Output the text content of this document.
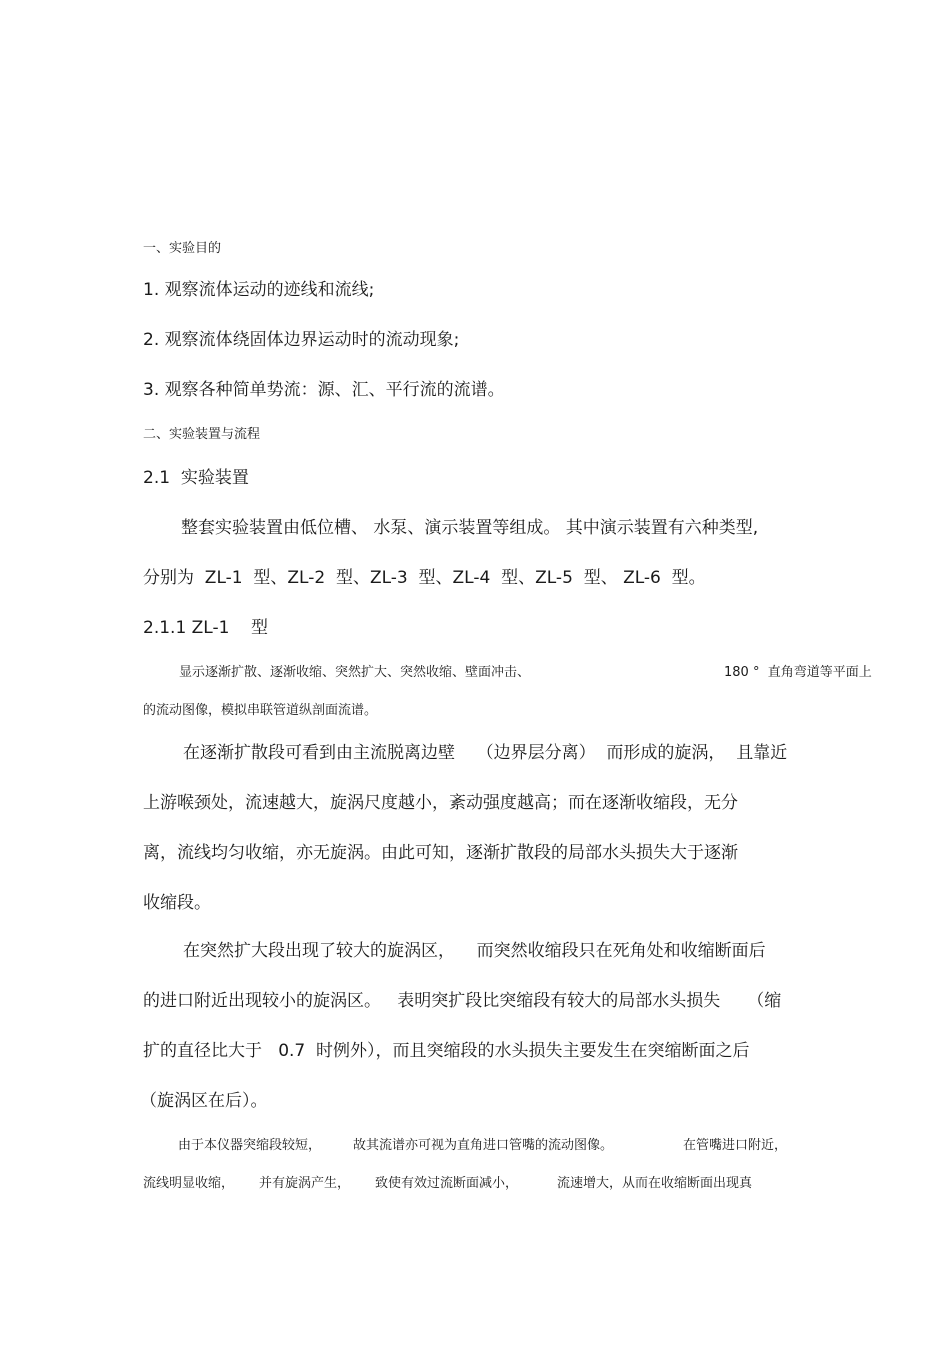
一、实验目的
1. 观察流体运动的迹线和流线;
2. 观察流体绕固体边界运动时的流动现象;
3. 观察各种简单势流：源、汇、平行流的流谱。
二、实验装置与流程
2.1  实验装置
整套实验装置由低位槽、 水泵、演示装置等组成。 其中演示装置有六种类型,
分别为  ZL-1  型、ZL-2  型、ZL-3  型、ZL-4  型、ZL-5  型、 ZL-6  型。
2.1.1 ZL-1    型
显示逐渐扩散、逐渐收缩、突然扩大、突然收缩、壁面冲击、	180 °  直角弯道等平面上
的流动图像，模拟串联管道纵剖面流谱。
在逐渐扩散段可看到由主流脱离边壁    （边界层分离）  而形成的旋涡，  且靠近
上游喉颈处，流速越大，旋涡尺度越小，紊动强度越高；而在逐渐收缩段，无分
离，流线均匀收缩，亦无旋涡。由此可知，逐渐扩散段的局部水头损失大于逐渐
收缩段。
在突然扩大段出现了较大的旋涡区，    而突然收缩段只在死角处和收缩断面后
的进口附近出现较小的旋涡区。   表明突扩段比突缩段有较大的局部水头损失     （缩
扩的直径比大于   0.7  时例外），而且突缩段的水头损失主要发生在突缩断面之后
（旋涡区在后）。
由于本仪器突缩段较短， 故其流谱亦可视为直角进口管嘴的流动图像。	在管嘴进口附近，
流线明显收缩， 并有旋涡产生， 致使有效过流断面减小，	流速增大，从而在收缩断面出现真
